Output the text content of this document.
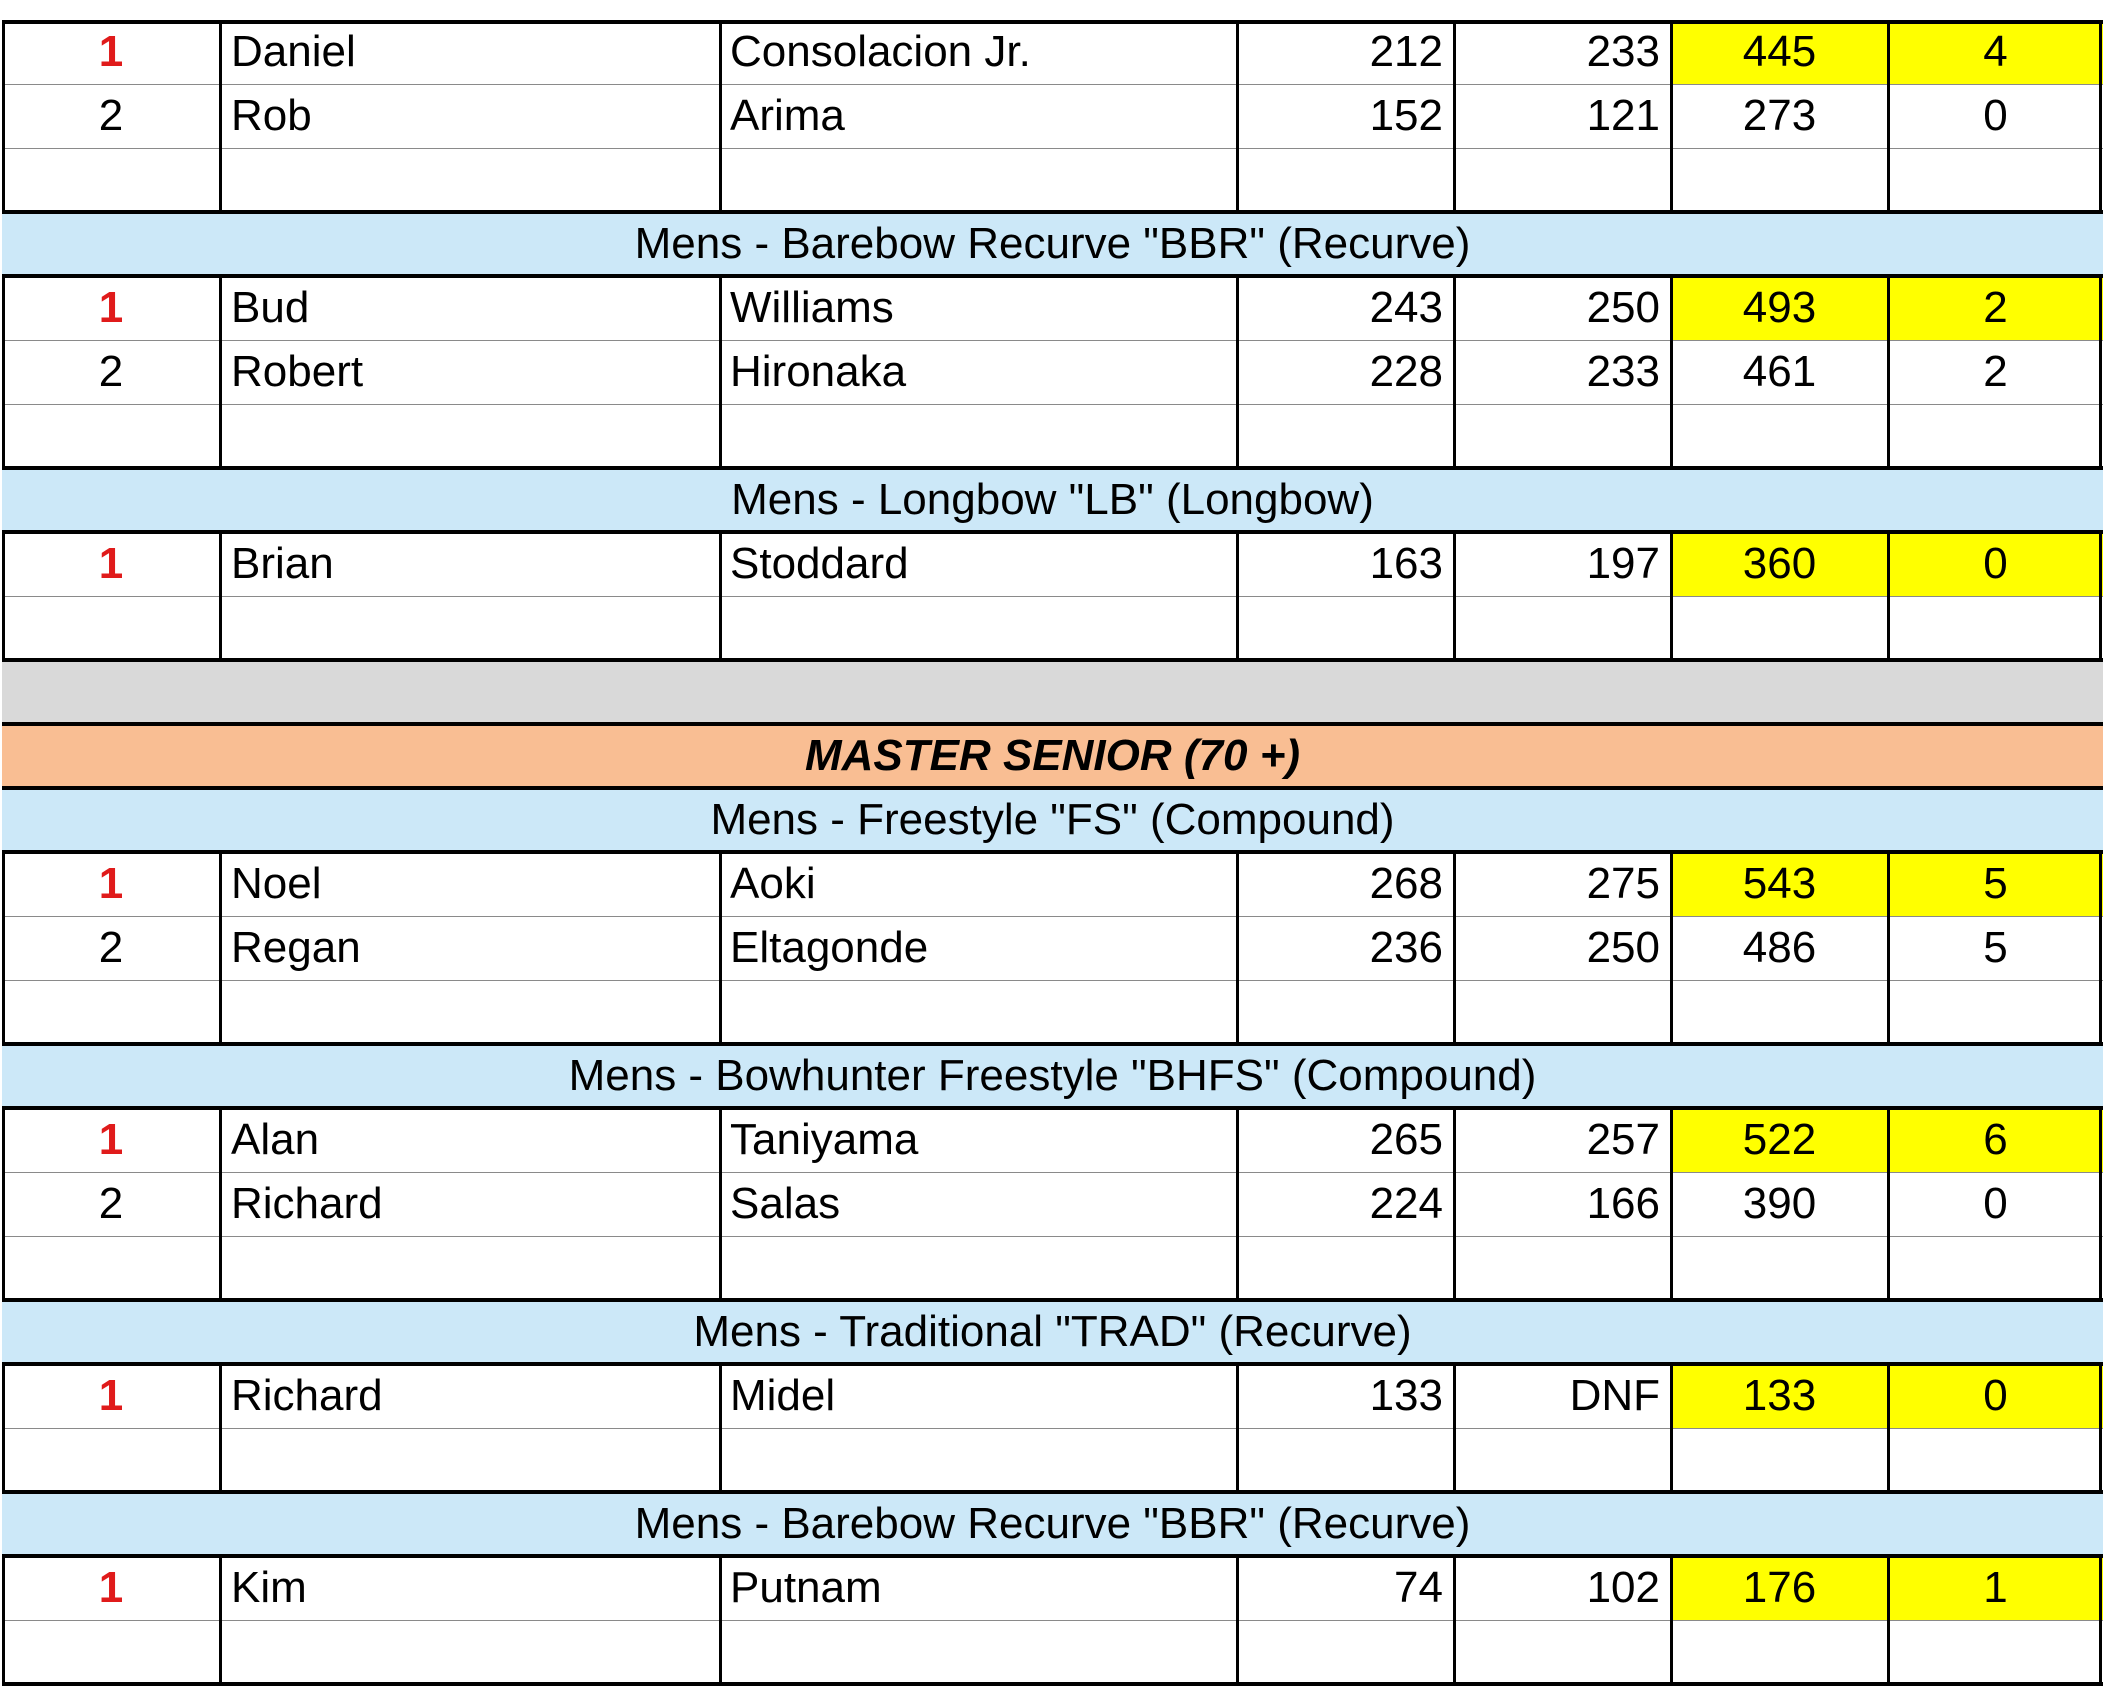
1	Daniel	Consolacion Jr.	212	233	445	4
2	Rob	Arima	152	121	273	0
Mens - Barebow Recurve "BBR" (Recurve)
1	Bud	Williams	243	250	493	2
2	Robert	Hironaka	228	233	461	2
Mens - Longbow "LB" (Longbow)
1	Brian	Stoddard	163	197	360	0
MASTER SENIOR (70 +)
Mens - Freestyle "FS" (Compound)
1	Noel	Aoki	268	275	543	5
2	Regan	Eltagonde	236	250	486	5
Mens - Bowhunter Freestyle "BHFS" (Compound)
1	Alan	Taniyama	265	257	522	6
2	Richard	Salas	224	166	390	0
Mens - Traditional "TRAD" (Recurve)
1	Richard	Midel	133	DNF	133	0
Mens - Barebow Recurve "BBR" (Recurve)
1	Kim	Putnam	74	102	176	1
